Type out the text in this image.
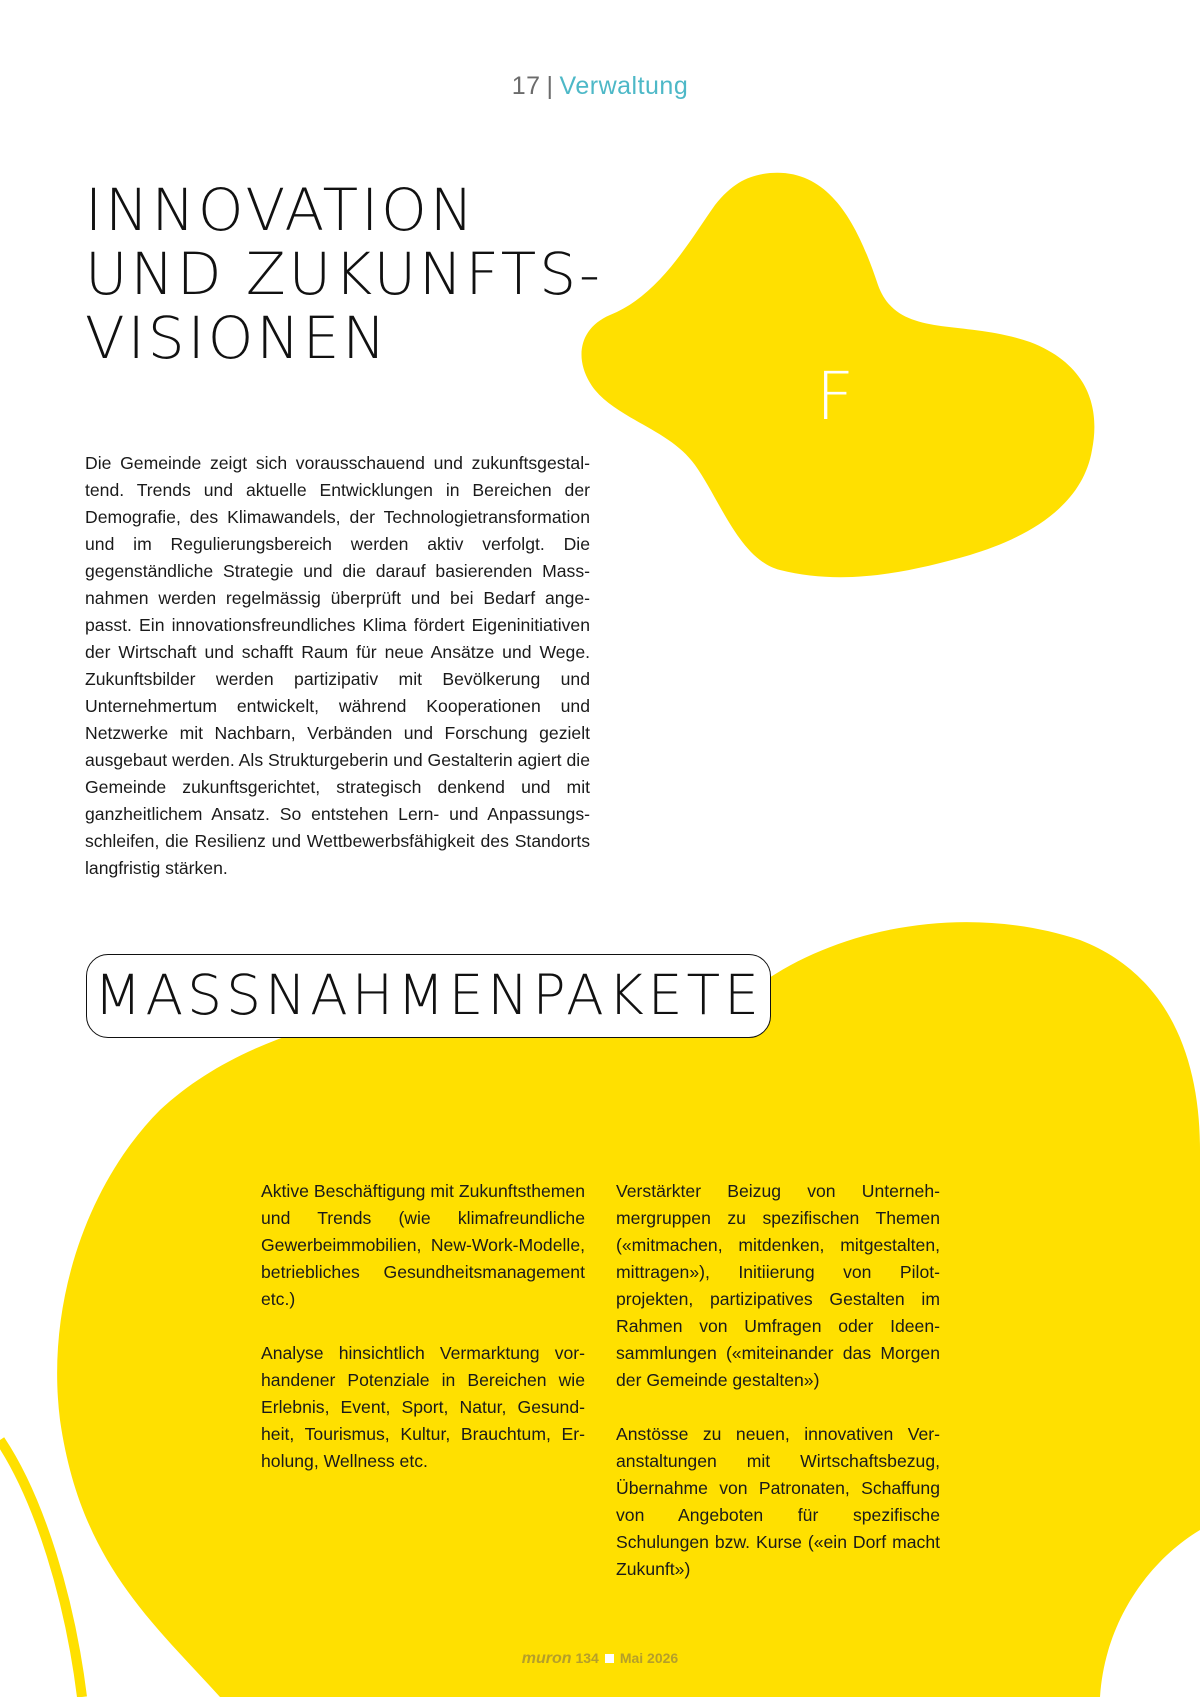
17 | Verwaltung
INNOVATION
UND ZUKUNFTS-
VISIONEN
F

Die Gemeinde zeigt sich vorausschauend und zukunftsgestaltend. Trends und aktuelle Entwicklungen in Bereichen der Demografie, des Klimawandels, der Technologietransformation und im Regulierungsbereich werden aktiv verfolgt. Die gegenständliche Strategie und die darauf basierenden Massnahmen werden regelmässig überprüft und bei Bedarf angepasst. Ein innovationsfreundliches Klima fördert Eigeninitiativen der Wirtschaft und schafft Raum für neue Ansätze und Wege. Zukunftsbilder werden partizipativ mit Bevölkerung und Unternehmertum entwickelt, während Kooperationen und Netzwerke mit Nachbarn, Verbänden und Forschung gezielt ausgebaut werden. Als Strukturgeberin und Gestalterin agiert die Gemeinde zukunftsgerichtet, strategisch denkend und mit ganzheitlichem Ansatz. So entstehen Lern- und Anpassungsschleifen, die Resilienz und Wettbewerbsfähigkeit des Standorts langfristig stärken.

MASSNAHMENPAKETE

Aktive Beschäftigung mit Zukunftsthemen und Trends (wie klimafreundliche Gewerbeimmobilien, New-Work-Modelle, betriebliches Gesundheitsmanagement etc.)

Analyse hinsichtlich Vermarktung vorhandener Potenziale in Bereichen wie Erlebnis, Event, Sport, Natur, Gesundheit, Tourismus, Kultur, Brauchtum, Erholung, Wellness etc.

Verstärkter Beizug von Unternehmergruppen zu spezifischen Themen («mitmachen, mitdenken, mitgestalten, mittragen»), Initiierung von Pilotprojekten, partizipatives Gestalten im Rahmen von Umfragen oder Ideensammlungen («miteinander das Morgen der Gemeinde gestalten»)

Anstösse zu neuen, innovativen Veranstaltungen mit Wirtschaftsbezug, Übernahme von Patronaten, Schaffung von Angeboten für spezifische Schulungen bzw. Kurse («ein Dorf macht Zukunft»)

muron 134 Mai 2026
